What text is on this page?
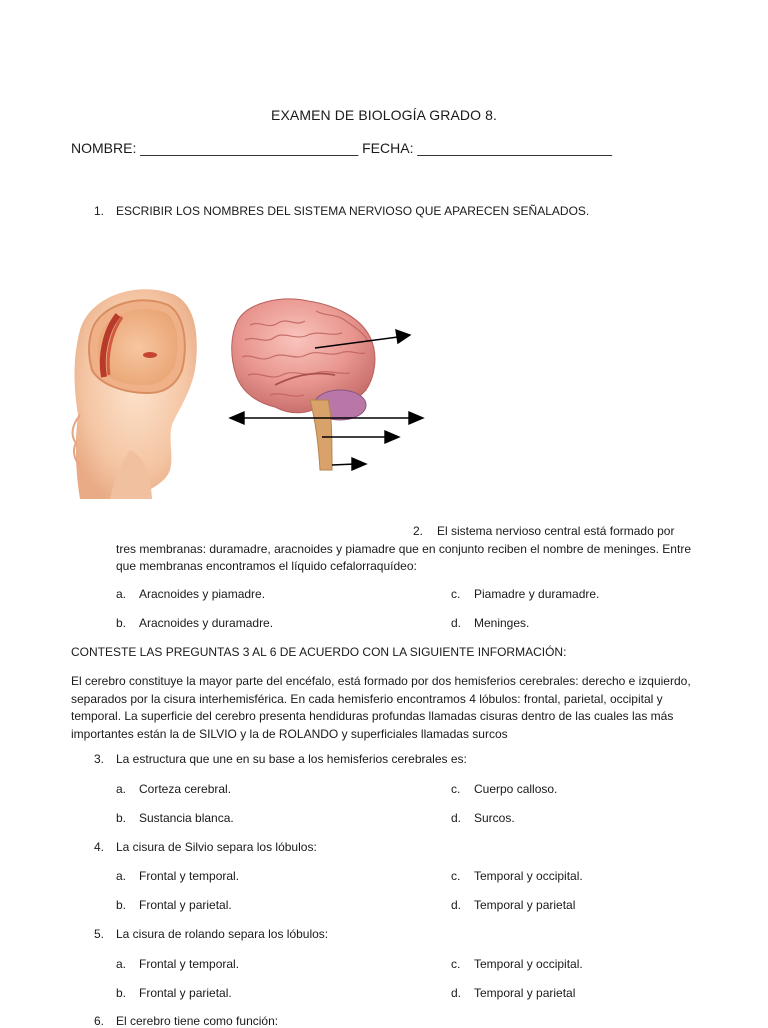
EXAMEN DE BIOLOGÍA GRADO 8.
NOMBRE: ____________________________ FECHA: _________________________
1. ESCRIBIR LOS NOMBRES DEL SISTEMA NERVIOSO QUE APARECEN SEÑALADOS.
2. El sistema nervioso central está formado por
tres membranas: duramadre, aracnoides y piamadre que en conjunto reciben el nombre de meninges. Entre que membranas encontramos el líquido cefalorraquídeo:
a. Aracnoides y piamadre.	c. Piamadre y duramadre.
b. Aracnoides y duramadre.	d. Meninges.
CONTESTE LAS PREGUNTAS 3 AL 6 DE ACUERDO CON LA SIGUIENTE INFORMACIÓN:
El cerebro constituye la mayor parte del encéfalo, está formado por dos hemisferios cerebrales: derecho e izquierdo, separados por la cisura interhemisférica. En cada hemisferio encontramos 4 lóbulos: frontal, parietal, occipital y temporal. La superficie del cerebro presenta hendiduras profundas llamadas cisuras dentro de las cuales las más importantes están la de SILVIO y la de ROLANDO y superficiales llamadas surcos
3. La estructura que une en su base a los hemisferios cerebrales es:
a. Corteza cerebral.	c. Cuerpo calloso.
b. Sustancia blanca.	d. Surcos.
4. La cisura de Silvio separa los lóbulos:
a. Frontal y temporal.	c. Temporal y occipital.
b. Frontal y parietal.	d. Temporal y parietal
5. La cisura de rolando separa los lóbulos:
a. Frontal y temporal.	c. Temporal y occipital.
b. Frontal y parietal.	d. Temporal y parietal
6. El cerebro tiene como función:
